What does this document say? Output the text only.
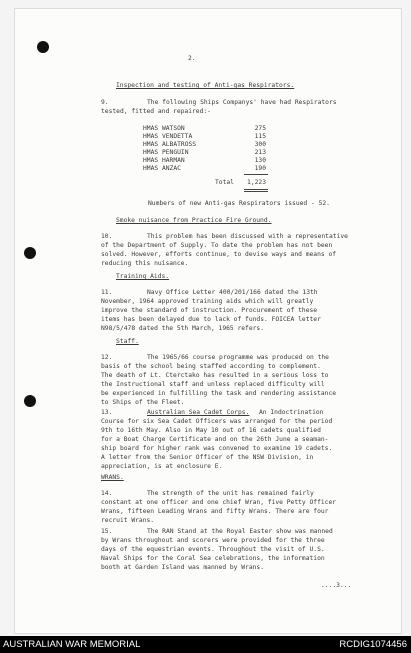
2.
Inspection and testing of Anti-gas Respirators.
9.	The following Ships Companys' have had Respirators
tested, fitted and repaired:-
HMAS WATSON	275
HMAS VENDETTA	115
HMAS ALBATROSS	300
HMAS PENGUIN	213
HMAS HARMAN	130
HMAS ANZAC	190
Total	1,223
Numbers of new Anti-gas Respirators issued - 52.
Smoke nuisance from Practice Fire Ground.
10.	This problem has been discussed with a representative
of the Department of Supply. To date the problem has not been
solved. However, efforts continue, to devise ways and means of
reducing this nuisance.
Training Aids.
11.	Navy Office Letter 400/201/166 dated the 13th
November, 1964 approved training aids which will greatly
improve the standard of instruction. Procurement of these
items has been delayed due to lack of funds. FOICEA letter
N98/5/478 dated the 5th March, 1965 refers.
Staff.
12.	The 1965/66 course programme was produced on the
basis of the school being staffed according to complement.
The death of Lt. Cterctako has resulted in a serious loss to
the Instructional staff and unless replaced difficulty will
be experienced in fulfilling the task and rendering assistance
to Ships of the Fleet.
13.	Australian Sea Cadet Corps. An Indoctrination
Course for six Sea Cadet Officers was arranged for the period
9th to 16th May. Also in May 10 out of 16 cadets qualified
for a Boat Charge Certificate and on the 26th June a seaman-
ship board for higher rank was convened to examine 19 cadets.
A letter from the Senior Officer of the NSW Division, in
appreciation, is at enclosure E.
WRANS.
14.	The strength of the unit has remained fairly
constant at one officer and one chief Wran, five Petty Officer
Wrans, fifteen Leading Wrans and fifty Wrans. There are four
recruit Wrans.
15.	The RAN Stand at the Royal Easter show was manned
by Wrans throughout and scorers were provided for the three
days of the equestrian events. Throughout the visit of U.S.
Naval Ships for the Coral Sea celebrations, the information
booth at Garden Island was manned by Wrans.
....3...
AUSTRALIAN WAR MEMORIAL	RCDIG1074456
